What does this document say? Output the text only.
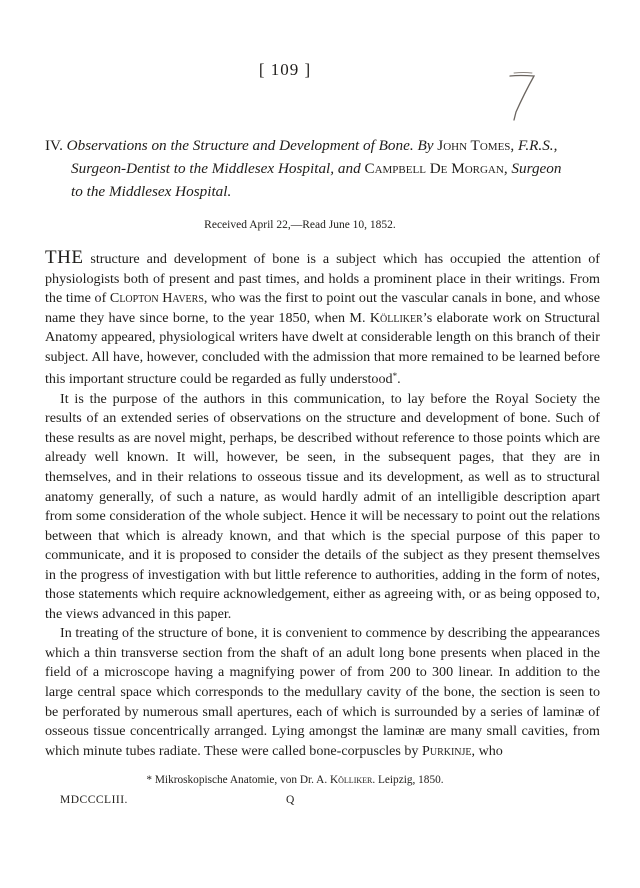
[ 109 ]
IV. Observations on the Structure and Development of Bone. By John Tomes, F.R.S.,
Surgeon-Dentist to the Middlesex Hospital, and Campbell De Morgan, Surgeon
to the Middlesex Hospital.
Received April 22,—Read June 10, 1852.

THE structure and development of bone is a subject which has occupied the attention of physiologists both of present and past times, and holds a prominent place in their writings. From the time of Clopton Havers, who was the first to point out the vascular canals in bone, and whose name they have since borne, to the year 1850, when M. Kölliker’s elaborate work on Structural Anatomy appeared, physiological writers have dwelt at considerable length on this branch of their subject. All have, however, concluded with the admission that more remained to be learned before this important structure could be regarded as fully understood*.

It is the purpose of the authors in this communication, to lay before the Royal Society the results of an extended series of observations on the structure and development of bone. Such of these results as are novel might, perhaps, be described without reference to those points which are already well known. It will, however, be seen, in the subsequent pages, that they are in themselves, and in their relations to osseous tissue and its development, as well as to structural anatomy generally, of such a nature, as would hardly admit of an intelligible description apart from some consideration of the whole subject. Hence it will be necessary to point out the relations between that which is already known, and that which is the special purpose of this paper to communicate, and it is proposed to consider the details of the subject as they present themselves in the progress of investigation with but little reference to authorities, adding in the form of notes, those statements which require acknowledgement, either as agreeing with, or as being opposed to, the views advanced in this paper.

In treating of the structure of bone, it is convenient to commence by describing the appearances which a thin transverse section from the shaft of an adult long bone presents when placed in the field of a microscope having a magnifying power of from 200 to 300 linear. In addition to the large central space which corresponds to the medullary cavity of the bone, the section is seen to be perforated by numerous small apertures, each of which is surrounded by a series of laminæ of osseous tissue concentrically arranged. Lying amongst the laminæ are many small cavities, from which minute tubes radiate. These were called bone-corpuscles by Purkinje, who

* Mikroskopische Anatomie, von Dr. A. Kölliker. Leipzig, 1850.
MDCCCLIII.	Q
